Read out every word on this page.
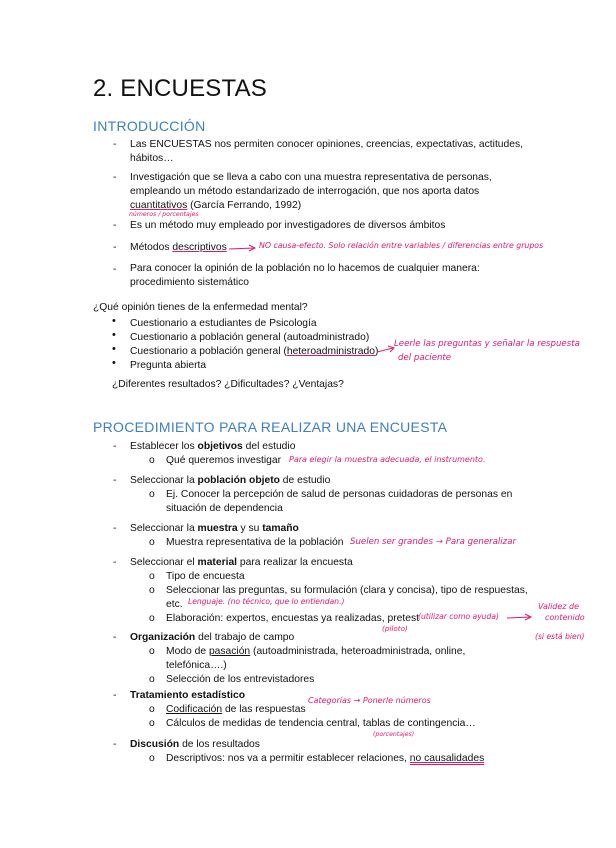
2. ENCUESTAS
INTRODUCCIÓN
- Las ENCUESTAS nos permiten conocer opiniones, creencias, expectativas, actitudes,
hábitos…
- Investigación que se lleva a cabo con una muestra representativa de personas,
empleando un método estandarizado de interrogación, que nos aporta datos
cuantitativos (García Ferrando, 1992)
números / porcentajes
- Es un método muy empleado por investigadores de diversos ámbitos
- Métodos descriptivos	NO causa-efecto. Solo relación entre variables / diferencias entre grupos
- Para conocer la opinión de la población no lo hacemos de cualquier manera:
procedimiento sistemático
¿Qué opinión tienes de la enfermedad mental?
• Cuestionario a estudiantes de Psicología
• Cuestionario a población general (autoadministrado)
• Cuestionario a población general (heteroadministrado)
Leerle las preguntas y señalar la respuesta
del paciente
• Pregunta abierta
¿Diferentes resultados? ¿Dificultades? ¿Ventajas?
PROCEDIMIENTO PARA REALIZAR UNA ENCUESTA
- Establecer los objetivos del estudio
o Qué queremos investigar Para elegir la muestra adecuada, el instrumento.
- Seleccionar la población objeto de estudio
o Ej. Conocer la percepción de salud de personas cuidadoras de personas en
situación de dependencia
- Seleccionar la muestra y su tamaño
o Muestra representativa de la población Suelen ser grandes → Para generalizar
- Seleccionar el material para realizar la encuesta
o Tipo de encuesta
o Seleccionar las preguntas, su formulación (clara y concisa), tipo de respuestas,
etc. Lenguaje. (no técnico, que lo entiendan.)
o Elaboración: expertos, encuestas ya realizadas, pretest (utilizar como ayuda)
(piloto)
Validez de
contenido
(si está bien)
- Organización del trabajo de campo
o Modo de pasación (autoadministrada, heteroadministrada, online,
telefónica….)
o Selección de los entrevistadores
- Tratamiento estadístico
o Codificación de las respuestas
Categorías → Ponerle números
o Cálculos de medidas de tendencia central, tablas de contingencia…
(porcentajes)
- Discusión de los resultados
o Descriptivos: nos va a permitir establecer relaciones, no causalidades
